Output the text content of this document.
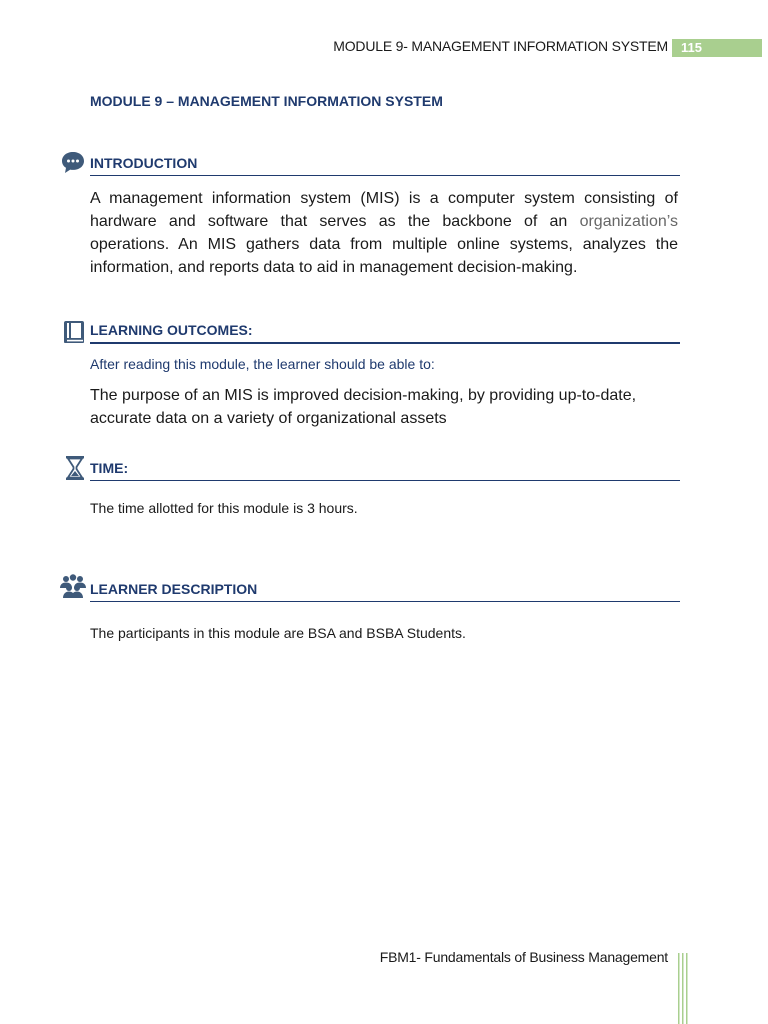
MODULE 9- MANAGEMENT INFORMATION SYSTEM	115
MODULE 9 – MANAGEMENT INFORMATION SYSTEM
INTRODUCTION
A management information system (MIS) is a computer system consisting of hardware and software that serves as the backbone of an organization’s operations. An MIS gathers data from multiple online systems, analyzes the information, and reports data to aid in management decision-making.
LEARNING OUTCOMES:
After reading this module, the learner should be able to:
The purpose of an MIS is improved decision-making, by providing up-to-date, accurate data on a variety of organizational assets
TIME:
The time allotted for this module is 3 hours.
LEARNER DESCRIPTION
The participants in this module are BSA and BSBA Students.
FBM1- Fundamentals of Business Management
